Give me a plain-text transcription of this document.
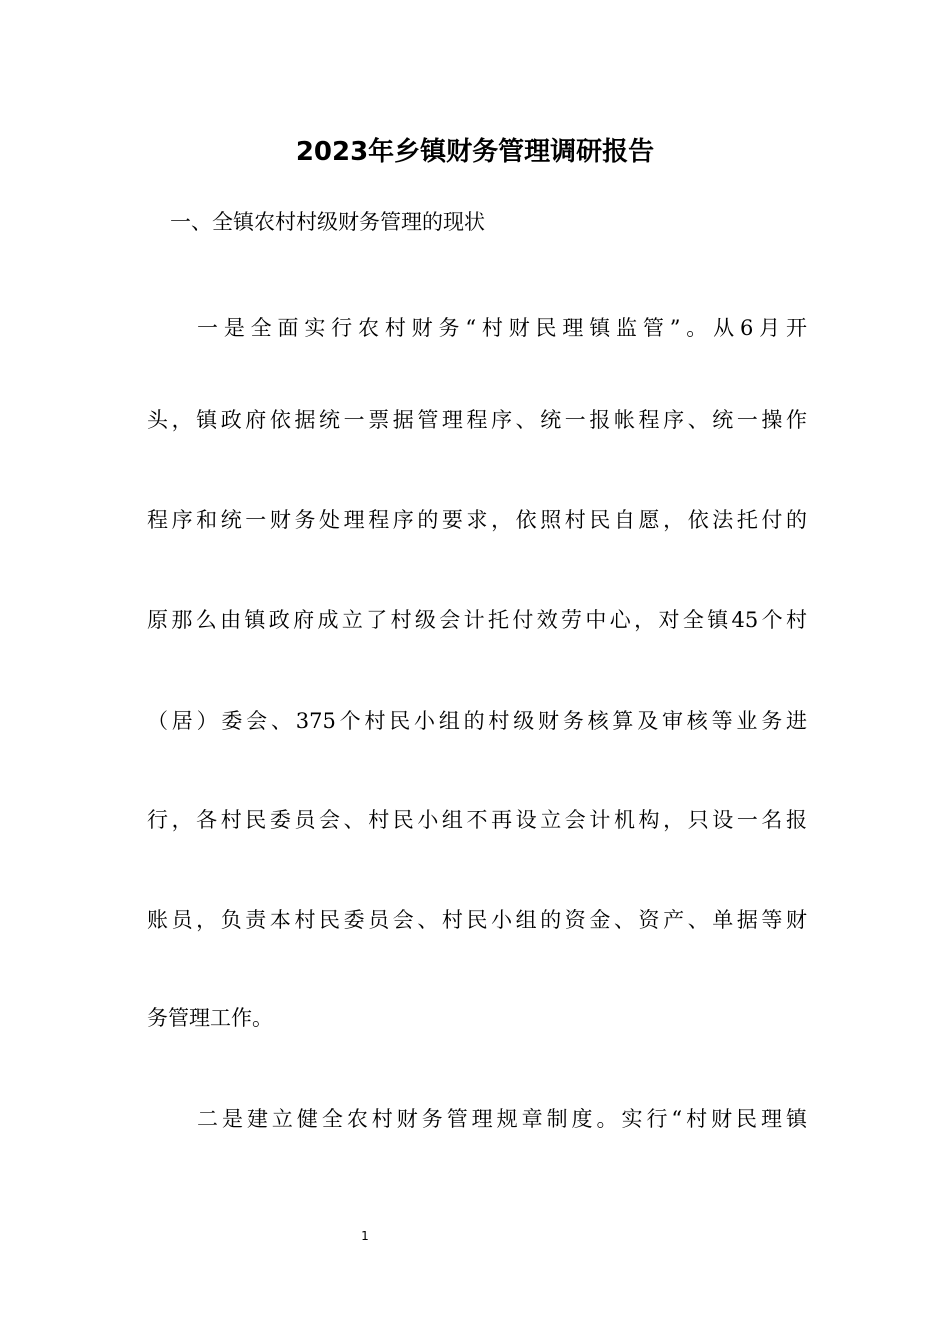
2023年乡镇财务管理调研报告
一、全镇农村村级财务管理的现状
一是全面实行农村财务“村财民理镇监管”。从6月开
头，镇政府依据统一票据管理程序、统一报帐程序、统一操作
程序和统一财务处理程序的要求，依照村民自愿，依法托付的
原那么由镇政府成立了村级会计托付效劳中心，对全镇45个村
（居）委会、375个村民小组的村级财务核算及审核等业务进
行，各村民委员会、村民小组不再设立会计机构，只设一名报
账员，负责本村民委员会、村民小组的资金、资产、单据等财
务管理工作。
二是建立健全农村财务管理规章制度。实行“村财民理镇
1
